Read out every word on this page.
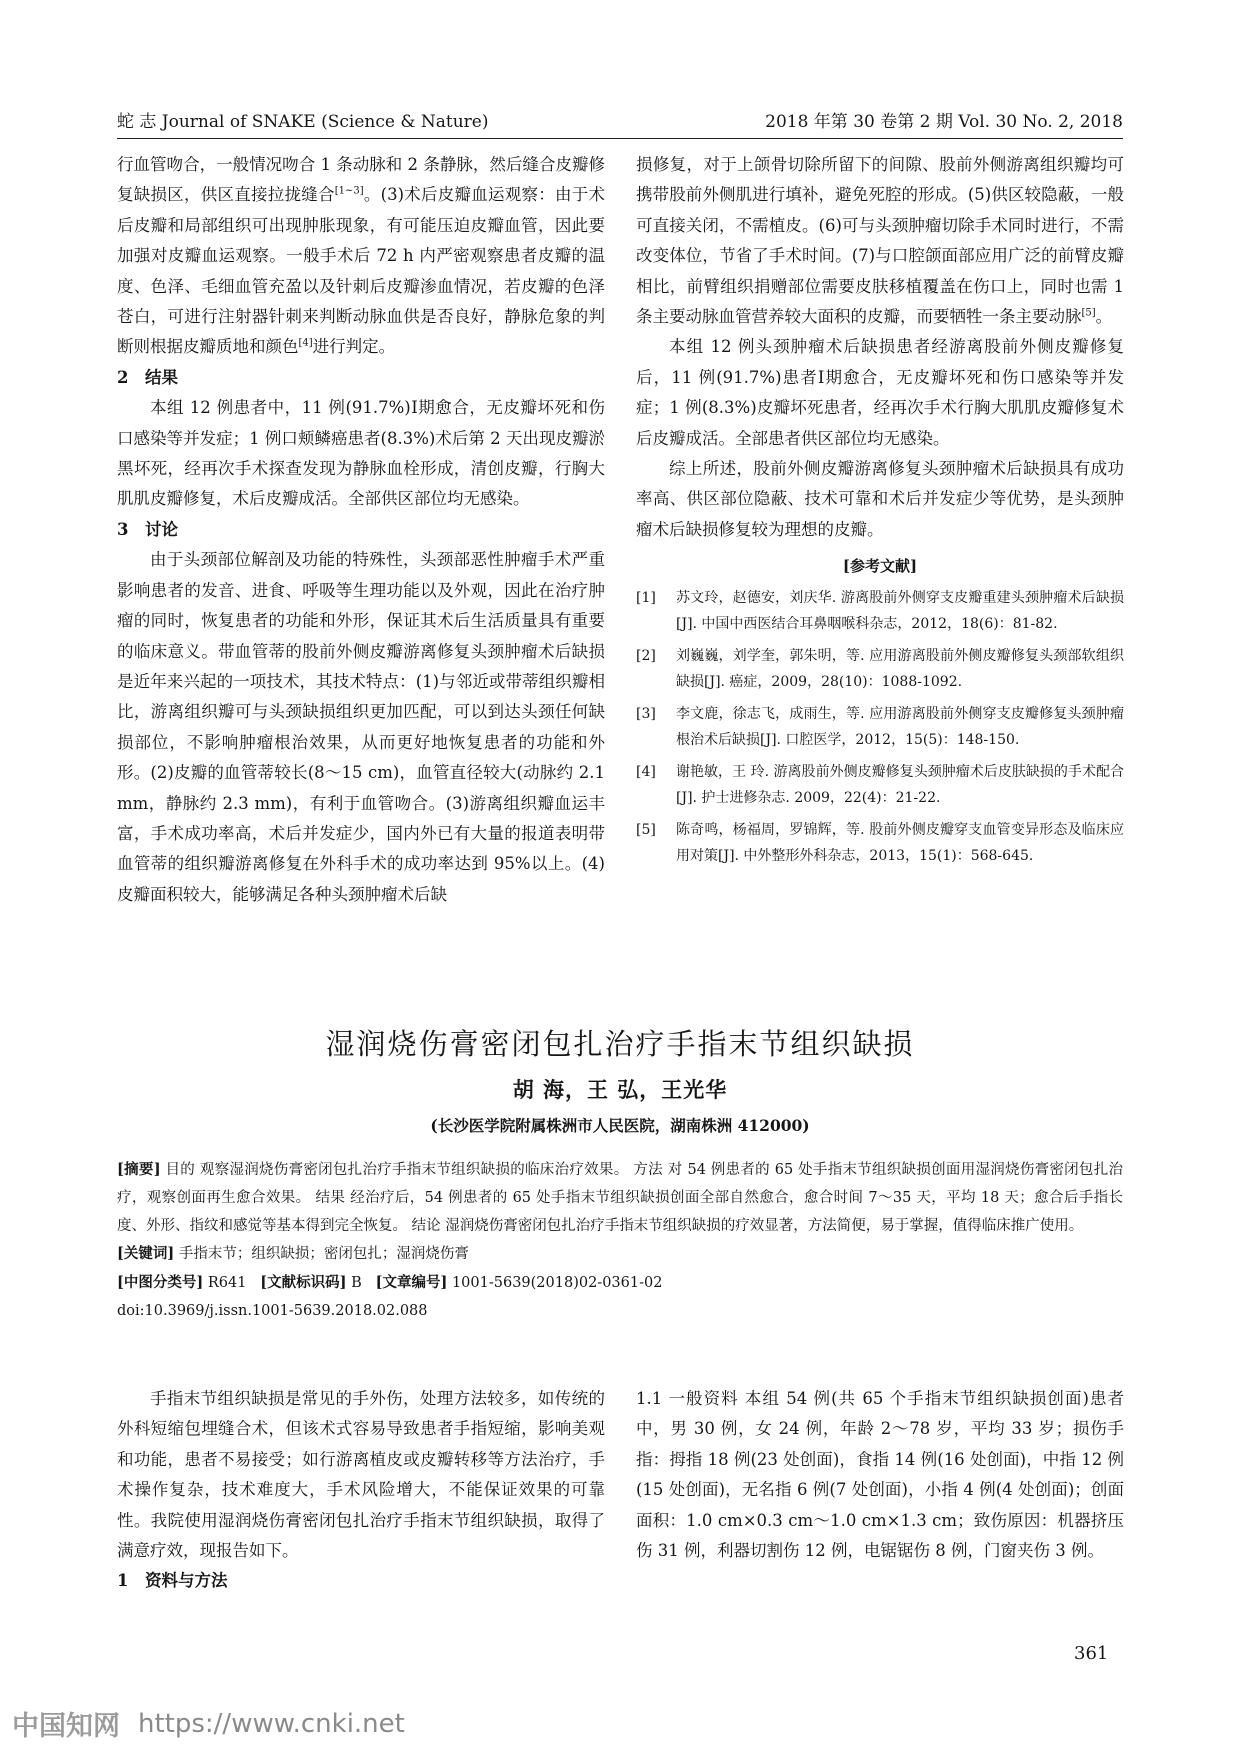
蛇 志 Journal of SNAKE (Science & Nature)	2018 年第 30 卷第 2 期 Vol. 30 No. 2, 2018

行血管吻合，一般情况吻合 1 条动脉和 2 条静脉，然后缝合皮瓣修复缺损区，供区直接拉拢缝合[1~3]。(3)术后皮瓣血运观察：由于术后皮瓣和局部组织可出现肿胀现象，有可能压迫皮瓣血管，因此要加强对皮瓣血运观察。一般手术后 72 h 内严密观察患者皮瓣的温度、色泽、毛细血管充盈以及针刺后皮瓣渗血情况，若皮瓣的色泽苍白，可进行注射器针刺来判断动脉血供是否良好，静脉危象的判断则根据皮瓣质地和颜色[4]进行判定。

2 结果

本组 12 例患者中，11 例(91.7%)Ⅰ期愈合，无皮瓣坏死和伤口感染等并发症；1 例口颊鳞癌患者(8.3%)术后第 2 天出现皮瓣淤黑坏死，经再次手术探查发现为静脉血栓形成，清创皮瓣，行胸大肌肌皮瓣修复，术后皮瓣成活。全部供区部位均无感染。

3 讨论

由于头颈部位解剖及功能的特殊性，头颈部恶性肿瘤手术严重影响患者的发音、进食、呼吸等生理功能以及外观，因此在治疗肿瘤的同时，恢复患者的功能和外形，保证其术后生活质量具有重要的临床意义。带血管蒂的股前外侧皮瓣游离修复头颈肿瘤术后缺损是近年来兴起的一项技术，其技术特点：(1)与邻近或带蒂组织瓣相比，游离组织瓣可与头颈缺损组织更加匹配，可以到达头颈任何缺损部位，不影响肿瘤根治效果，从而更好地恢复患者的功能和外形。(2)皮瓣的血管蒂较长(8～15 cm)，血管直径较大(动脉约 2.1 mm，静脉约 2.3 mm)，有利于血管吻合。(3)游离组织瓣血运丰富，手术成功率高，术后并发症少，国内外已有大量的报道表明带血管蒂的组织瓣游离修复在外科手术的成功率达到 95%以上。(4)皮瓣面积较大，能够满足各种头颈肿瘤术后缺

损修复，对于上颌骨切除所留下的间隙、股前外侧游离组织瓣均可携带股前外侧肌进行填补，避免死腔的形成。(5)供区较隐蔽，一般可直接关闭，不需植皮。(6)可与头颈肿瘤切除手术同时进行，不需改变体位，节省了手术时间。(7)与口腔颌面部应用广泛的前臂皮瓣相比，前臂组织捐赠部位需要皮肤移植覆盖在伤口上，同时也需 1 条主要动脉血管营养较大面积的皮瓣，而要牺牲一条主要动脉[5]。

本组 12 例头颈肿瘤术后缺损患者经游离股前外侧皮瓣修复后，11 例(91.7%)患者Ⅰ期愈合，无皮瓣坏死和伤口感染等并发症；1 例(8.3%)皮瓣坏死患者，经再次手术行胸大肌肌皮瓣修复术后皮瓣成活。全部患者供区部位均无感染。

综上所述，股前外侧皮瓣游离修复头颈肿瘤术后缺损具有成功率高、供区部位隐蔽、技术可靠和术后并发症少等优势，是头颈肿瘤术后缺损修复较为理想的皮瓣。

[参考文献]
[1]	苏文玲，赵德安，刘庆华. 游离股前外侧穿支皮瓣重建头颈肿瘤术后缺损[J]. 中国中西医结合耳鼻咽喉科杂志，2012，18(6)：81-82.
[2]	刘巍巍，刘学奎，郭朱明，等. 应用游离股前外侧皮瓣修复头颈部软组织缺损[J]. 癌症，2009，28(10)：1088-1092.
[3]	李文鹿，徐志飞，成雨生，等. 应用游离股前外侧穿支皮瓣修复头颈肿瘤根治术后缺损[J]. 口腔医学，2012，15(5)：148-150.
[4]	谢艳敏，王 玲. 游离股前外侧皮瓣修复头颈肿瘤术后皮肤缺损的手术配合[J]. 护士进修杂志. 2009，22(4)：21-22.
[5]	陈奇鸣，杨福周，罗锦辉，等. 股前外侧皮瓣穿支血管变异形态及临床应用对策[J]. 中外整形外科杂志，2013，15(1)：568-645.
湿润烧伤膏密闭包扎治疗手指末节组织缺损
胡 海，王 弘，王光华
(长沙医学院附属株洲市人民医院，湖南株洲 412000)

[摘要] 目的 观察湿润烧伤膏密闭包扎治疗手指末节组织缺损的临床治疗效果。 方法 对 54 例患者的 65 处手指末节组织缺损创面用湿润烧伤膏密闭包扎治疗，观察创面再生愈合效果。 结果 经治疗后，54 例患者的 65 处手指末节组织缺损创面全部自然愈合，愈合时间 7～35 天，平均 18 天；愈合后手指长度、外形、指纹和感觉等基本得到完全恢复。 结论 湿润烧伤膏密闭包扎治疗手指末节组织缺损的疗效显著，方法简便，易于掌握，值得临床推广使用。

[关键词] 手指末节；组织缺损；密闭包扎；湿润烧伤膏

[中图分类号] R641 [文献标识码] B [文章编号] 1001-5639(2018)02-0361-02

doi:10.3969/j.issn.1001-5639.2018.02.088

手指末节组织缺损是常见的手外伤，处理方法较多，如传统的外科短缩包埋缝合术，但该术式容易导致患者手指短缩，影响美观和功能，患者不易接受；如行游离植皮或皮瓣转移等方法治疗，手术操作复杂，技术难度大，手术风险增大，不能保证效果的可靠性。我院使用湿润烧伤膏密闭包扎治疗手指末节组织缺损，取得了满意疗效，现报告如下。

1 资料与方法

1.1 一般资料 本组 54 例(共 65 个手指末节组织缺损创面)患者中，男 30 例，女 24 例，年龄 2～78 岁，平均 33 岁；损伤手指：拇指 18 例(23 处创面)，食指 14 例(16 处创面)，中指 12 例(15 处创面)，无名指 6 例(7 处创面)，小指 4 例(4 处创面)；创面面积：1.0 cm×0.3 cm～1.0 cm×1.3 cm；致伤原因：机器挤压伤 31 例，利器切割伤 12 例，电锯锯伤 8 例，门窗夹伤 3 例。

361
中国知网 https://www.cnki.net
